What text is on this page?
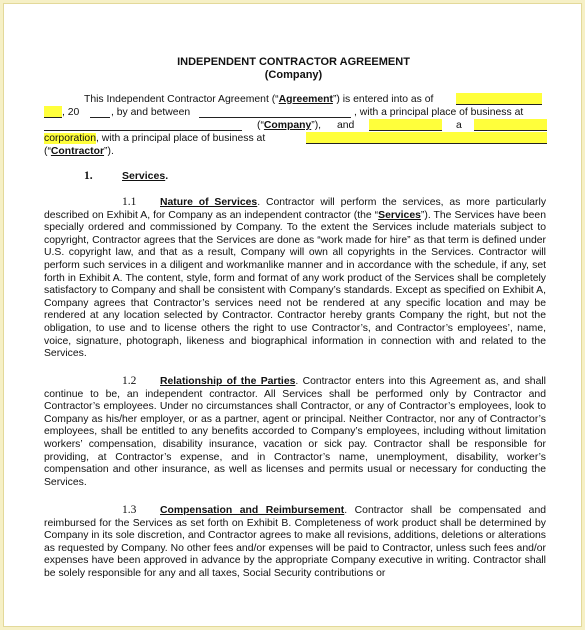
INDEPENDENT CONTRACTOR AGREEMENT
(Company)
This Independent Contractor Agreement (“Agreement”) is entered into as of
, 20	, by and between	, with a principal place of business at
(“Company”), and	a
corporation, with a principal place of business at
(“Contractor”).
1.	Services.

1.1 Nature of Services. Contractor will perform the services, as more particularly described on Exhibit A, for Company as an independent contractor (the “Services”). The Services have been specially ordered and commissioned by Company. To the extent the Services include materials subject to copyright, Contractor agrees that the Services are done as “work made for hire” as that term is defined under U.S. copyright law, and that as a result, Company will own all copyrights in the Services. Contractor will perform such services in a diligent and workmanlike manner and in accordance with the schedule, if any, set forth in Exhibit A. The content, style, form and format of any work product of the Services shall be completely satisfactory to Company and shall be consistent with Company’s standards. Except as specified on Exhibit A, Company agrees that Contractor’s services need not be rendered at any specific location and may be rendered at any location selected by Contractor. Contractor hereby grants Company the right, but not the obligation, to use and to license others the right to use Contractor’s, and Contractor’s employees’, name, voice, signature, photograph, likeness and biographical information in connection with and related to the Services.

1.2 Relationship of the Parties. Contractor enters into this Agreement as, and shall continue to be, an independent contractor. All Services shall be performed only by Contractor and Contractor’s employees. Under no circumstances shall Contractor, or any of Contractor’s employees, look to Company as his/her employer, or as a partner, agent or principal. Neither Contractor, nor any of Contractor’s employees, shall be entitled to any benefits accorded to Company’s employees, including without limitation workers’ compensation, disability insurance, vacation or sick pay. Contractor shall be responsible for providing, at Contractor’s expense, and in Contractor’s name, unemployment, disability, worker’s compensation and other insurance, as well as licenses and permits usual or necessary for conducting the Services.

1.3 Compensation and Reimbursement. Contractor shall be compensated and reimbursed for the Services as set forth on Exhibit B. Completeness of work product shall be determined by Company in its sole discretion, and Contractor agrees to make all revisions, additions, deletions or alterations as requested by Company. No other fees and/or expenses will be paid to Contractor, unless such fees and/or expenses have been approved in advance by the appropriate Company executive in writing. Contractor shall be solely responsible for any and all taxes, Social Security contributions or
